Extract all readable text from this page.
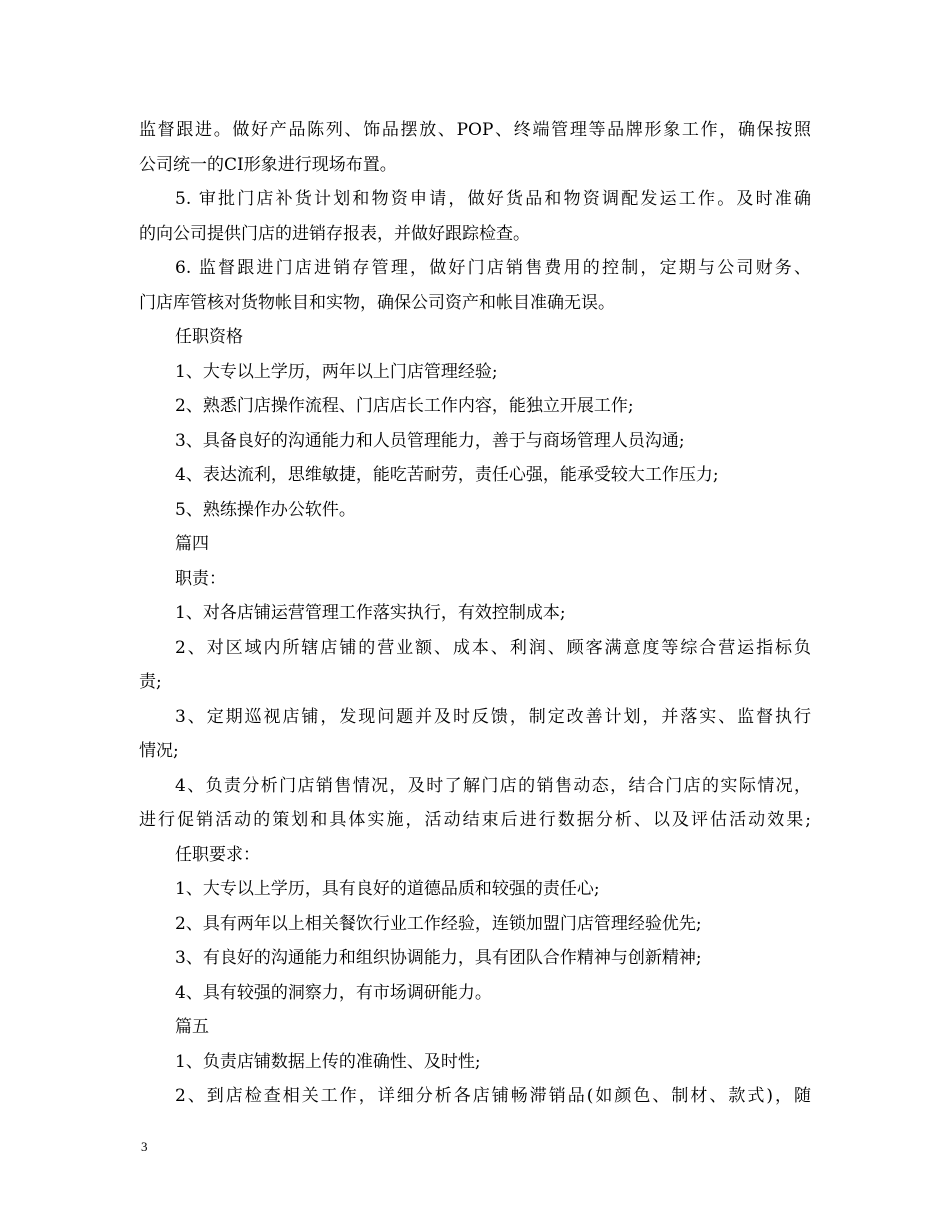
监督跟进。做好产品陈列、饰品摆放、POP、终端管理等品牌形象工作，确保按照
公司统一的CI形象进行现场布置。
5. 审批门店补货计划和物资申请，做好货品和物资调配发运工作。及时准确
的向公司提供门店的进销存报表，并做好跟踪检查。
6. 监督跟进门店进销存管理，做好门店销售费用的控制，定期与公司财务、
门店库管核对货物帐目和实物，确保公司资产和帐目准确无误。
任职资格
1、大专以上学历，两年以上门店管理经验;
2、熟悉门店操作流程、门店店长工作内容，能独立开展工作;
3、具备良好的沟通能力和人员管理能力，善于与商场管理人员沟通;
4、表达流利，思维敏捷，能吃苦耐劳，责任心强，能承受较大工作压力;
5、熟练操作办公软件。
篇四
职责：
1、对各店铺运营管理工作落实执行，有效控制成本;
2、对区域内所辖店铺的营业额、成本、利润、顾客满意度等综合营运指标负
责;
3、定期巡视店铺，发现问题并及时反馈，制定改善计划，并落实、监督执行
情况;
4、负责分析门店销售情况，及时了解门店的销售动态，结合门店的实际情况，
进行促销活动的策划和具体实施，活动结束后进行数据分析、以及评估活动效果;
任职要求：
1、大专以上学历，具有良好的道德品质和较强的责任心;
2、具有两年以上相关餐饮行业工作经验，连锁加盟门店管理经验优先;
3、有良好的沟通能力和组织协调能力，具有团队合作精神与创新精神;
4、具有较强的洞察力，有市场调研能力。
篇五
1、负责店铺数据上传的准确性、及时性;
2、到店检查相关工作，详细分析各店铺畅滞销品(如颜色、制材、款式)，随
3
